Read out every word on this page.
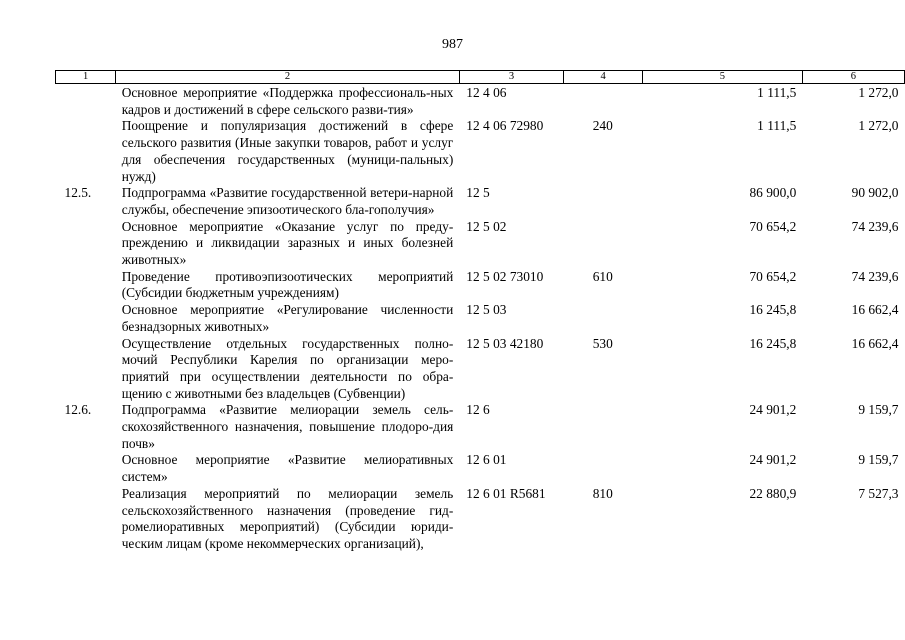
987
1	2	3	4	5	6
	Основное мероприятие «Поддержка профессиональ-ных кадров и достижений в сфере сельского разви-тия»	12 4 06		1 111,5	1 272,0
	Поощрение и популяризация достижений в сфере сельского развития (Иные закупки товаров, работ и услуг для обеспечения государственных (муници-пальных) нужд)	12 4 06 72980	240	1 111,5	1 272,0
12.5.	Подпрограмма «Развитие государственной ветери-нарной службы, обеспечение эпизоотического бла-гополучия»	12 5		86 900,0	90 902,0
	Основное мероприятие «Оказание услуг по преду-преждению и ликвидации заразных и иных болезней животных»	12 5 02		70 654,2	74 239,6
	Проведение противоэпизоотических мероприятий (Субсидии бюджетным учреждениям)	12 5 02 73010	610	70 654,2	74 239,6
	Основное мероприятие «Регулирование численности безнадзорных животных»	12 5 03		16 245,8	16 662,4
	Осуществление отдельных государственных полно-мочий Республики Карелия по организации меро-приятий при осуществлении деятельности по обра-щению с животными без владельцев (Субвенции)	12 5 03 42180	530	16 245,8	16 662,4
12.6.	Подпрограмма «Развитие мелиорации земель сель-скохозяйственного назначения, повышение плодоро-дия почв»	12 6		24 901,2	9 159,7
	Основное мероприятие «Развитие мелиоративных систем»	12 6 01		24 901,2	9 159,7
	Реализация мероприятий по мелиорации земель сельскохозяйственного назначения (проведение гид-ромелиоративных мероприятий) (Субсидии юриди-ческим лицам (кроме некоммерческих организаций),	12 6 01 R5681	810	22 880,9	7 527,3
